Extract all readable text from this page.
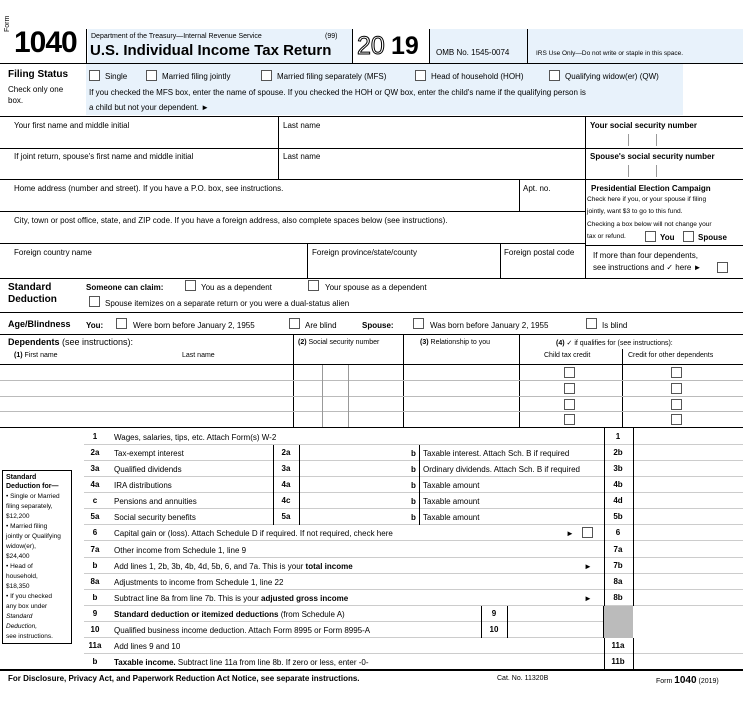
Form
1040 Department of the Treasury—Internal Revenue Service	(99)
U.S. Individual Income Tax Return 20 19 OMB No. 1545-0074	IRS Use Only—Do not write or staple in this space.
Filing Status
Check only one box.
Single	Married filing jointly	Married filing separately (MFS)	Head of household (HOH)	Qualifying widow(er) (QW)
If you checked the MFS box, enter the name of spouse. If you checked the HOH or QW box, enter the child's name if the qualifying person is
a child but not your dependent. ►
Your first name and middle initial	Last name	Your social security number
If joint return, spouse's first name and middle initial	Last name	Spouse's social security number
Home address (number and street). If you have a P.O. box, see instructions.	Apt. no.
City, town or post office, state, and ZIP code. If you have a foreign address, also complete spaces below (see instructions).
Foreign country name	Foreign province/state/county	Foreign postal code
Presidential Election Campaign
Check here if you, or your spouse if filing
jointly, want $3 to go to this fund.
Checking a box below will not change your
tax or refund.	You	Spouse
If more than four dependents,
see instructions and ✓ here ►
Standard
Deduction
Someone can claim:	You as a dependent	Your spouse as a dependent
Spouse itemizes on a separate return or you were a dual-status alien
Age/Blindness You:	Were born before January 2, 1955	Are blind	Spouse:	Was born before January 2, 1955	Is blind
Dependents (see instructions):
(1) First name	Last name
(2) Social security number	(3) Relationship to you	(4) ✓ if qualifies for (see instructions):
Child tax credit	Credit for other dependents
Standard
Deduction for—
• Single or Married
filing separately,
$12,200
• Married filing
jointly or Qualifying
widow(er),
$24,400
• Head of
household,
$18,350
• If you checked
any box under
Standard
Deduction,
see instructions.
1	Wages, salaries, tips, etc. Attach Form(s) W-2	1
2a	Tax-exempt interest	2a	b Taxable interest. Attach Sch. B if required	2b
3a	Qualified dividends	3a	b Ordinary dividends. Attach Sch. B if required	3b
4a	IRA distributions	4a	b Taxable amount	4b
c	Pensions and annuities	4c	b Taxable amount	4d
5a	Social security benefits	5a	b Taxable amount	5b
6	Capital gain or (loss). Attach Schedule D if required. If not required, check here	6
7a	Other income from Schedule 1, line 9	7a
b	Add lines 1, 2b, 3b, 4b, 4d, 5b, 6, and 7a. This is your total income	7b
8a	Adjustments to income from Schedule 1, line 22	8a
b	Subtract line 8a from line 7b. This is your adjusted gross income	8b
9	Standard deduction or itemized deductions (from Schedule A)	9
10	Qualified business income deduction. Attach Form 8995 or Form 8995-A	10
11a	Add lines 9 and 10	11a
b	Taxable income. Subtract line 11a from line 8b. If zero or less, enter -0-	11b
►
►
►
For Disclosure, Privacy Act, and Paperwork Reduction Act Notice, see separate instructions.	Cat. No. 11320B	Form 1040 (2019)
